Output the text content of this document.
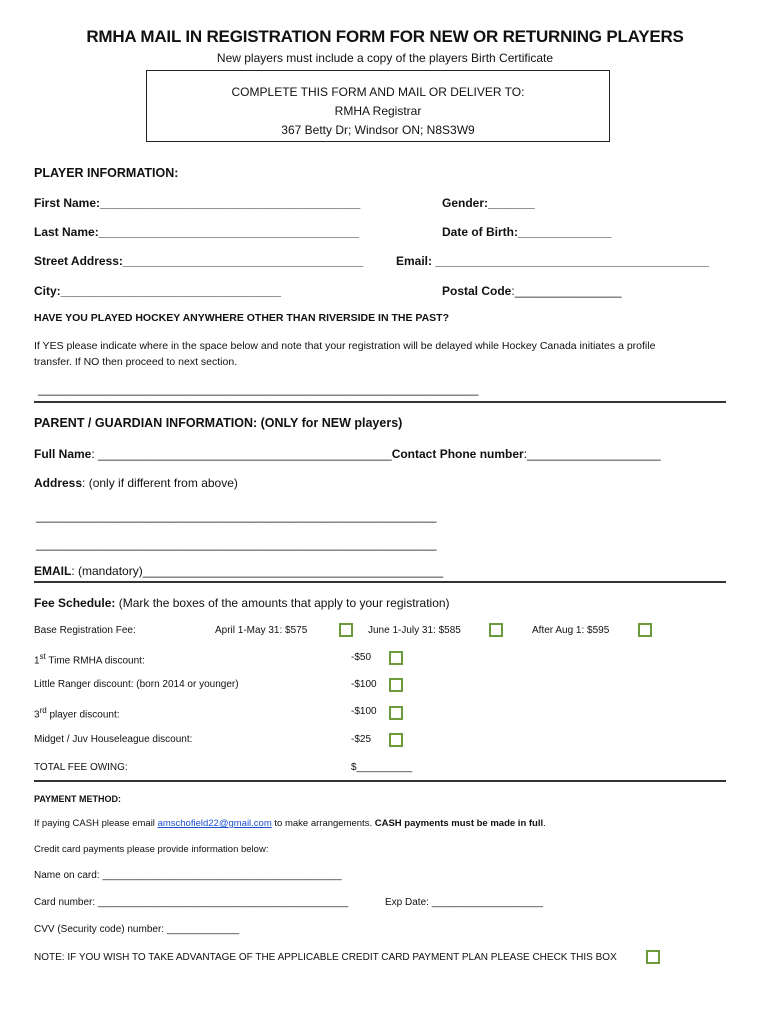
RMHA MAIL IN REGISTRATION FORM FOR NEW OR RETURNING PLAYERS
New players must include a copy of the players Birth Certificate
COMPLETE THIS FORM AND MAIL OR DELIVER TO:
RMHA Registrar
367 Betty Dr; Windsor ON; N8S3W9
PLAYER INFORMATION:
First Name:_______________________________________	Gender:_______
Last Name:_______________________________________	Date of Birth:______________
Street Address:____________________________________	Email: _________________________________________
City:_________________________________	Postal Code:________________
HAVE YOU PLAYED HOCKEY ANYWHERE OTHER THAN RIVERSIDE IN THE PAST?
If YES please indicate where in the space below and note that your registration will be delayed while Hockey Canada initiates a profile
transfer. If NO then proceed to next section.
__________________________________________________________________
PARENT / GUARDIAN INFORMATION: (ONLY for NEW players)
Full Name: ____________________________________________Contact Phone number:____________________
Address: (only if different from above)
____________________________________________________________
____________________________________________________________
EMAIL: (mandatory)_____________________________________________
Fee Schedule: (Mark the boxes of the amounts that apply to your registration)
Base Registration Fee:	April 1-May 31: $575	June 1-July 31: $585	After Aug 1: $595
1st Time RMHA discount:	-$50
Little Ranger discount: (born 2014 or younger)	-$100
3rd player discount:	-$100
Midget / Juv Houseleague discount:	-$25
TOTAL FEE OWING:	$__________
PAYMENT METHOD:
If paying CASH please email amschofield22@gmail.com to make arrangements. CASH payments must be made in full.
Credit card payments please provide information below:
Name on card: ___________________________________________
Card number: _____________________________________________	Exp Date: ____________________
CVV (Security code) number: _____________
NOTE: IF YOU WISH TO TAKE ADVANTAGE OF THE APPLICABLE CREDIT CARD PAYMENT PLAN PLEASE CHECK THIS BOX
